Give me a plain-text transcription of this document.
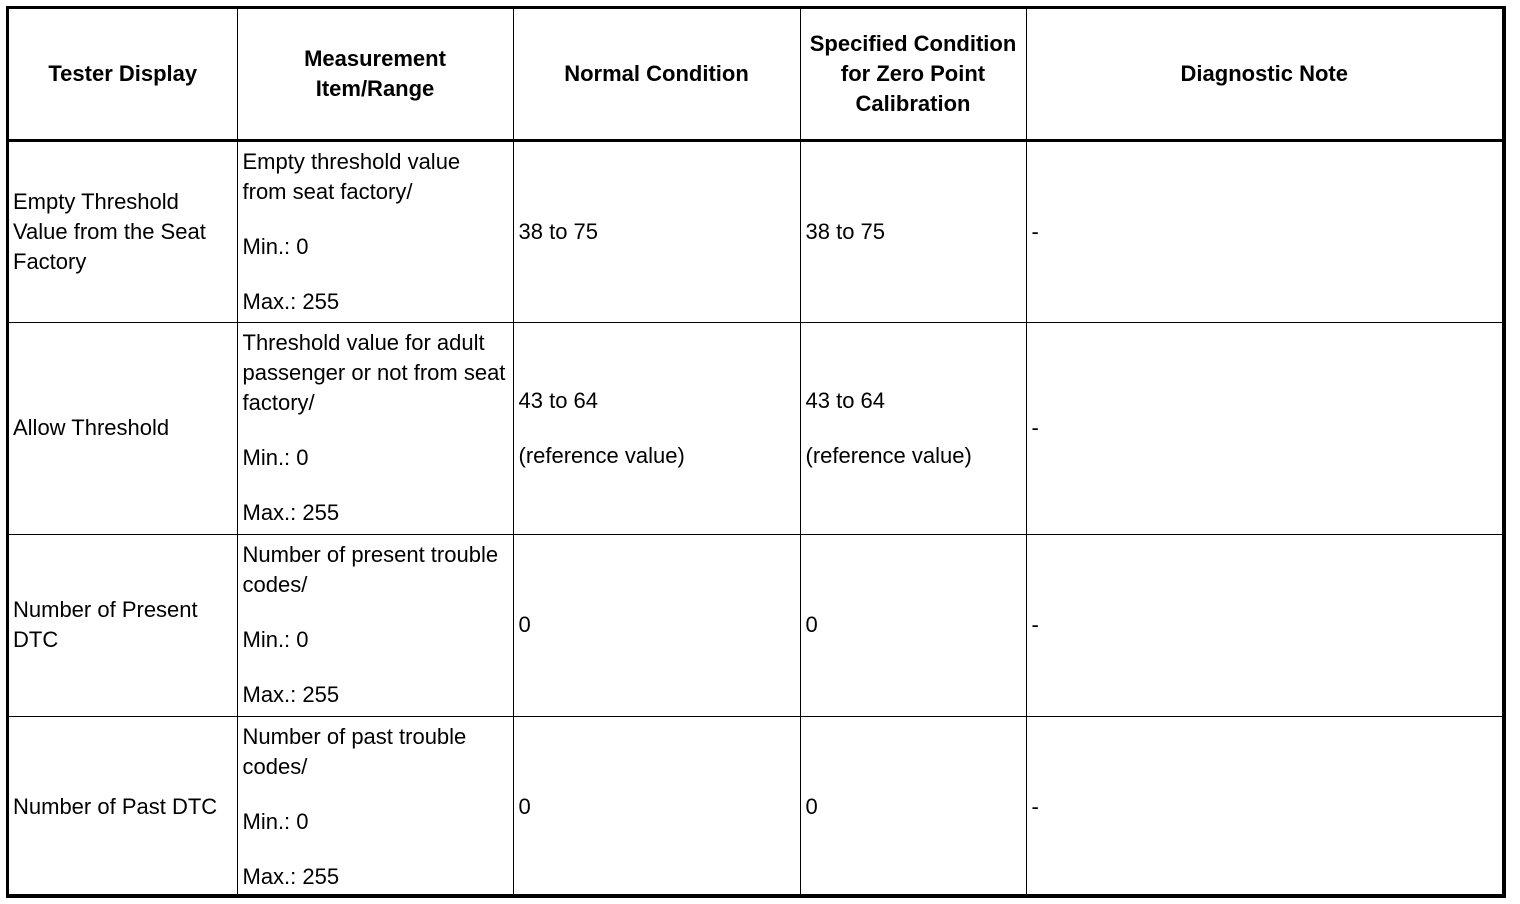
Tester Display	Measurement Item/Range	Normal Condition	Specified Condition for Zero Point Calibration	Diagnostic Note
Empty Threshold Value from the Seat Factory	Empty threshold value from seat factory/
Min.: 0
Max.: 255	38 to 75	38 to 75	-
Allow Threshold	Threshold value for adult passenger or not from seat factory/
Min.: 0
Max.: 255	43 to 64
(reference value)	43 to 64
(reference value)	-
Number of Present DTC	Number of present trouble codes/
Min.: 0
Max.: 255	0	0	-
Number of Past DTC	Number of past trouble codes/
Min.: 0
Max.: 255	0	0	-
